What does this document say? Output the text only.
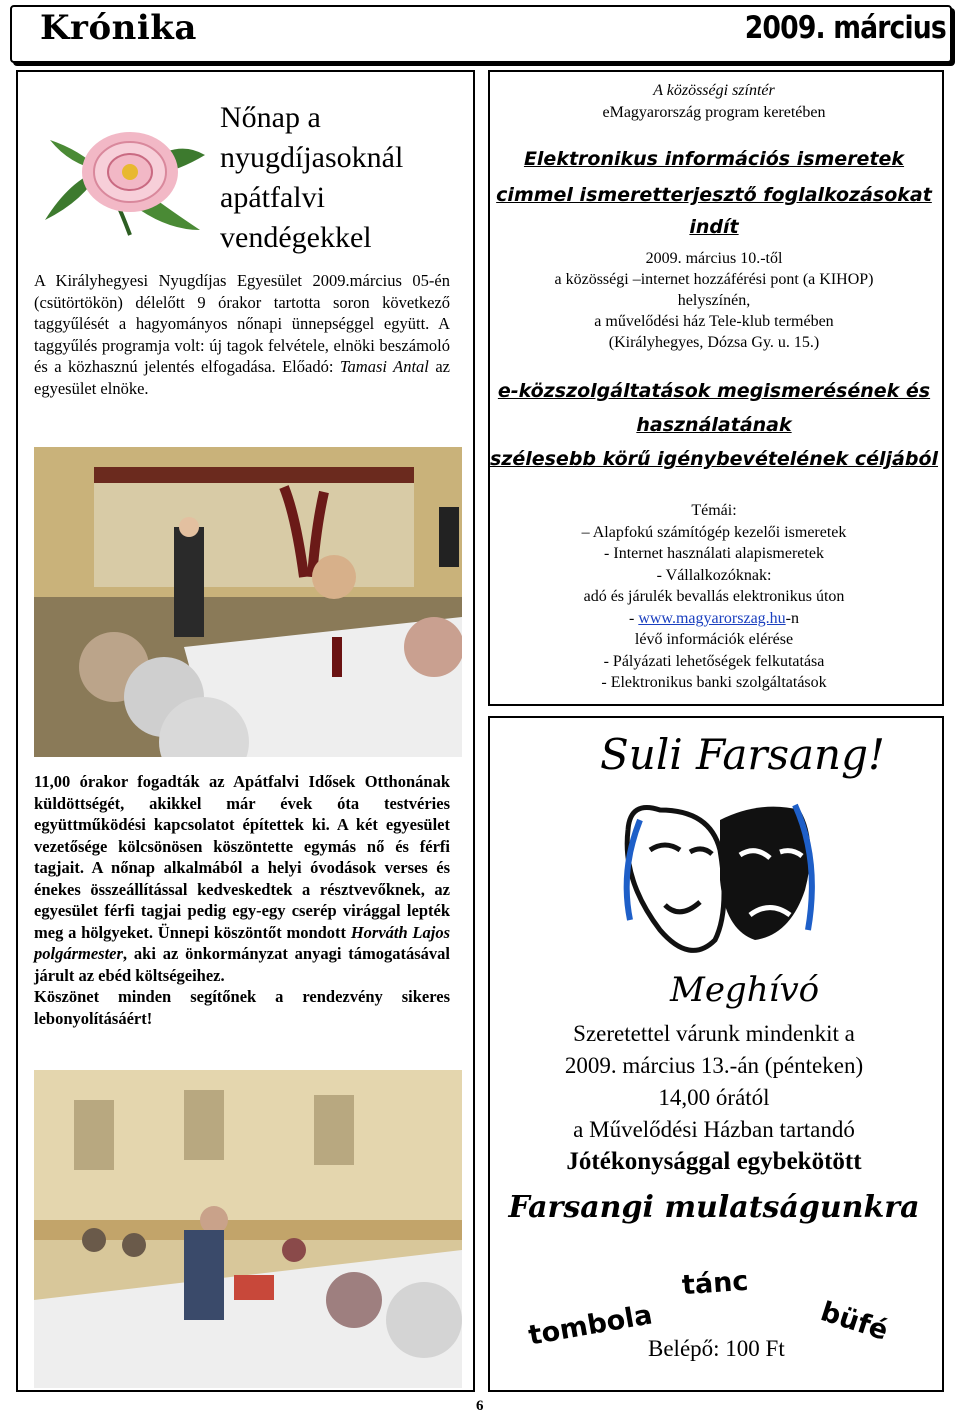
Krónika	2009. március
Nőnap a nyugdíjasoknál apátfalvi vendégekkel
A Királyhegyesi Nyugdíjas Egyesület 2009.március 05-én (csütörtökön) délelőtt 9 órakor tartotta soron következő taggyűlését a hagyományos nőnapi ünnepséggel együtt. A taggyűlés programja volt: új tagok felvétele, elnöki beszámoló és a közhasznú jelentés elfogadása. Előadó: Tamasi Antal az egyesület elnöke.
11,00 órakor fogadták az Apátfalvi Idősek Otthonának küldöttségét, akikkel már évek óta testvéries együttműködési kapcsolatot építettek ki. A két egyesület vezetősége kölcsönösen köszöntette egymás nő és férfi tagjait. A nőnap alkalmából a helyi óvodások verses és énekes összeállítással kedveskedtek a résztvevőknek, az egyesület férfi tagjai pedig egy-egy cserép virággal lepték meg a hölgyeket. Ünnepi köszöntőt mondott Horváth Lajos polgármester, aki az önkormányzat anyagi támogatásával járult az ebéd költségeihez.
Köszönet minden segítőnek a rendezvény sikeres lebonyolításáért!
A közösségi színtér
eMagyarország program keretében
Elektronikus információs ismeretek
cimmel ismeretterjesztő foglalkozásokat
indít
2009. március 10.-től
a közösségi –internet hozzáférési pont (a KIHOP)
helyszínén,
a művelődési ház Tele-klub termében
(Királyhegyes, Dózsa Gy. u. 15.)
e-közszolgáltatások megismerésének és
használatának
szélesebb körű igénybevételének céljából
Témái:
– Alapfokú számítógép kezelői ismeretek
- Internet használati alapismeretek
- Vállalkozóknak:
adó és járulék bevallás elektronikus úton
- www.magyarorszag.hu-n
lévő információk elérése
- Pályázati lehetőségek felkutatása
- Elektronikus banki szolgáltatások
Suli Farsang!
Meghívó
Szeretettel várunk mindenkit a
2009. március 13.-án (pénteken)
14,00 órától
a Művelődési Házban tartandó
Jótékonysággal egybekötött
Farsangi mulatságunkra
tánc
tombola	büfé
Belépő: 100 Ft
6
